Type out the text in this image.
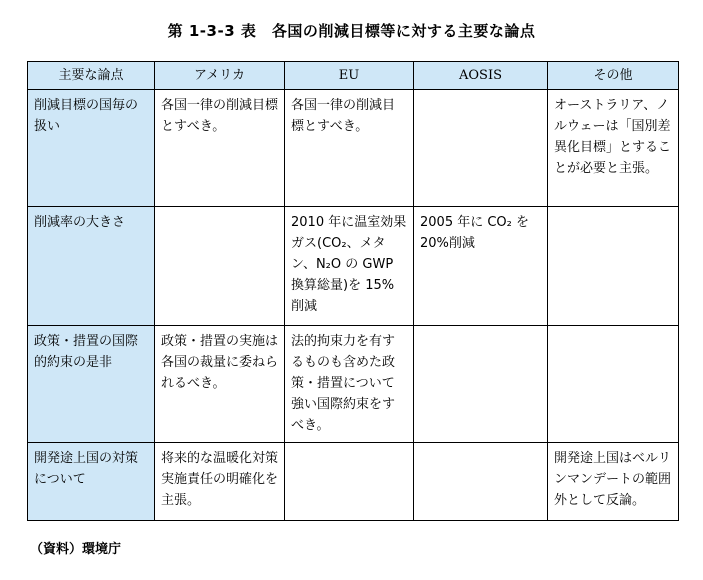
第 1-3-3 表　各国の削減目標等に対する主要な論点
主要な論点	アメリカ	EU	AOSIS	その他
削減目標の国毎の扱い	各国一律の削減目標とすべき。	各国一律の削減目標とすべき。		オーストラリア、ノルウェーは「国別差異化目標」とすることが必要と主張。
削減率の大きさ		2010 年に温室効果ガス(CO₂、メタン、N₂O の GWP 換算総量)を 15%削減	2005 年に CO₂ を 20%削減	
政策・措置の国際的約束の是非	政策・措置の実施は各国の裁量に委ねられるべき。	法的拘束力を有するものも含めた政策・措置について強い国際約束をすべき。		
開発途上国の対策について	将来的な温暖化対策実施責任の明確化を主張。			開発途上国はベルリンマンデートの範囲外として反論。
（資料）環境庁
